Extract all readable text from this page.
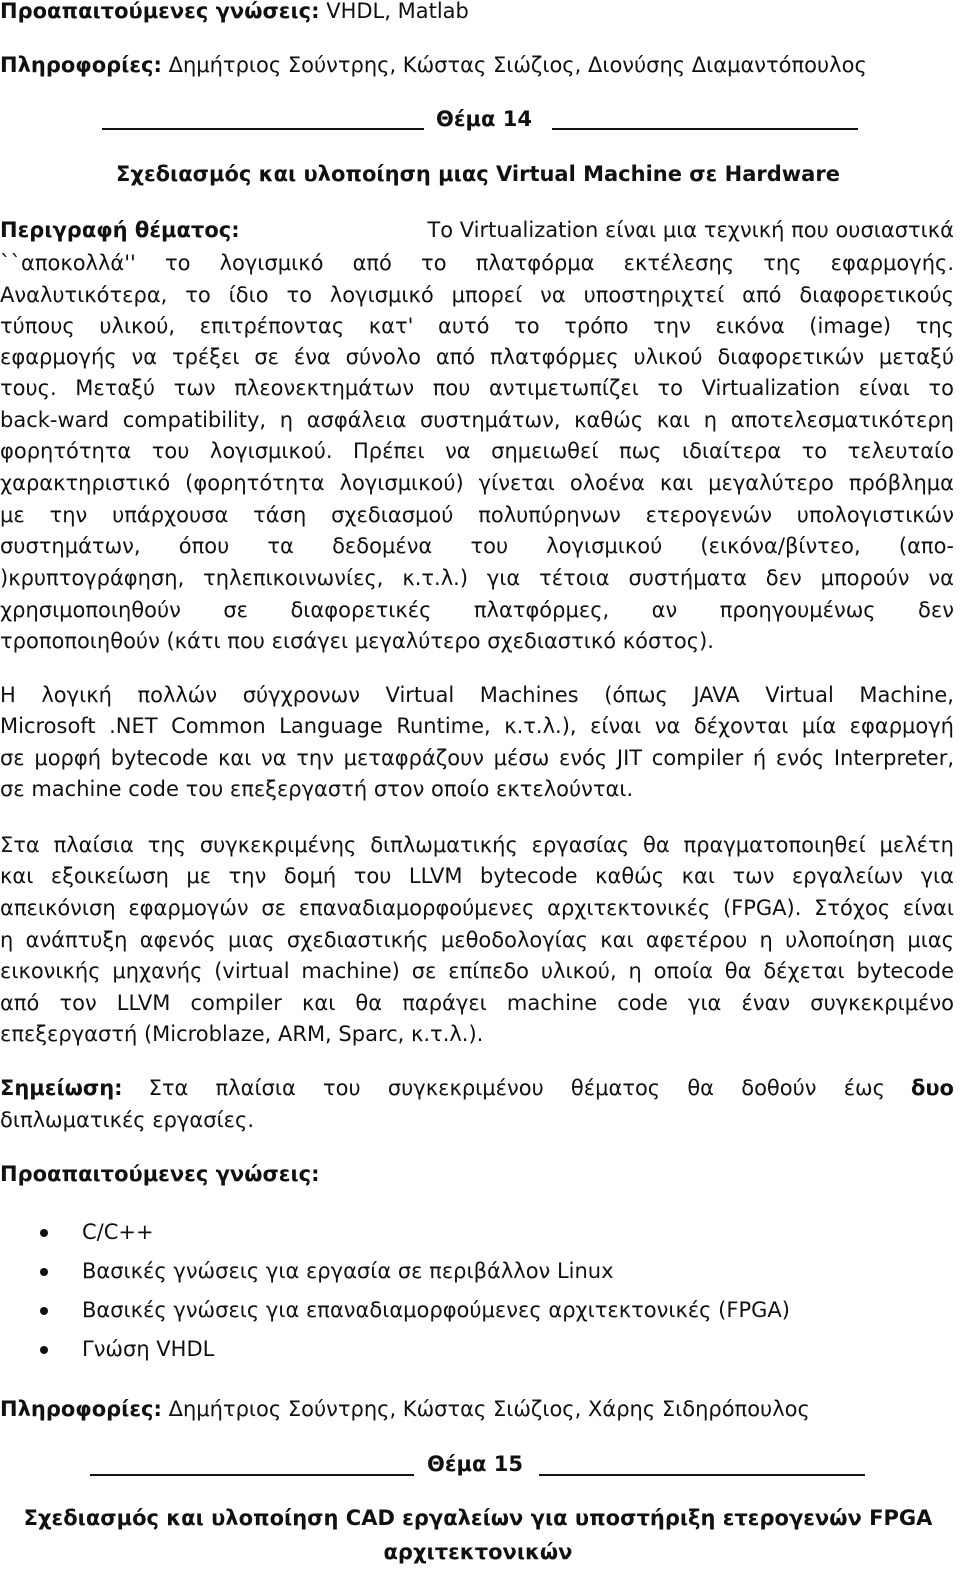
Προαπαιτούμενες γνώσεις: VHDL, Matlab
Πληροφορίες: Δημήτριος Σούντρης, Κώστας Σιώζιος, Διονύσης Διαμαντόπουλος
Θέμα 14
Σχεδιασμός και υλοποίηση μιας Virtual Machine σε Hardware
Περιγραφή θέματος:	Το Virtualization είναι μια τεχνική που ουσιαστικά
``αποκολλά'' το λογισμικό από το πλατφόρμα εκτέλεσης της εφαρμογής.
Αναλυτικότερα, το ίδιο το λογισμικό μπορεί να υποστηριχτεί από διαφορετικούς
τύπους υλικού, επιτρέποντας κατ' αυτό το τρόπο την εικόνα (image) της
εφαρμογής να τρέξει σε ένα σύνολο από πλατφόρμες υλικού διαφορετικών μεταξύ
τους. Μεταξύ των πλεονεκτημάτων που αντιμετωπίζει το Virtualization είναι το
back-ward compatibility, η ασφάλεια συστημάτων, καθώς και η αποτελεσματικότερη
φορητότητα του λογισμικού. Πρέπει να σημειωθεί πως ιδιαίτερα το τελευταίο
χαρακτηριστικό (φορητότητα λογισμικού) γίνεται ολοένα και μεγαλύτερο πρόβλημα
με την υπάρχουσα τάση σχεδιασμού πολυπύρηνων ετερογενών υπολογιστικών
συστημάτων, όπου τα δεδομένα του λογισμικού (εικόνα/βίντεο, (απο-
)κρυπτογράφηση, τηλεπικοινωνίες, κ.τ.λ.) για τέτοια συστήματα δεν μπορούν να
χρησιμοποιηθούν σε διαφορετικές πλατφόρμες, αν προηγουμένως δεν
τροποποιηθούν (κάτι που εισάγει μεγαλύτερο σχεδιαστικό κόστος).
Η λογική πολλών σύγχρονων Virtual Machines (όπως JAVA Virtual Machine,
Microsoft .NET Common Language Runtime, κ.τ.λ.), είναι να δέχονται μία εφαρμογή
σε μορφή bytecode και να την μεταφράζουν μέσω ενός JIT compiler ή ενός Interpreter,
σε machine code του επεξεργαστή στον οποίο εκτελούνται.
Στα πλαίσια της συγκεκριμένης διπλωματικής εργασίας θα πραγματοποιηθεί μελέτη
και εξοικείωση με την δομή του LLVM bytecode καθώς και των εργαλείων για
απεικόνιση εφαρμογών σε επαναδιαμορφούμενες αρχιτεκτονικές (FPGA). Στόχος είναι
η ανάπτυξη αφενός μιας σχεδιαστικής μεθοδολογίας και αφετέρου η υλοποίηση μιας
εικονικής μηχανής (virtual machine) σε επίπεδο υλικού, η οποία θα δέχεται bytecode
από τον LLVM compiler και θα παράγει machine code για έναν συγκεκριμένο
επεξεργαστή (Microblaze, ARM, Sparc, κ.τ.λ.).
Σημείωση: Στα πλαίσια του συγκεκριμένου θέματος θα δοθούν έως δυο
διπλωματικές εργασίες.
Προαπαιτούμενες γνώσεις:
C/C++
Βασικές γνώσεις για εργασία σε περιβάλλον Linux
Βασικές γνώσεις για επαναδιαμορφούμενες αρχιτεκτονικές (FPGA)
Γνώση VHDL
Πληροφορίες: Δημήτριος Σούντρης, Κώστας Σιώζιος, Χάρης Σιδηρόπουλος
Θέμα 15
Σχεδιασμός και υλοποίηση CAD εργαλείων για υποστήριξη ετερογενών FPGA
αρχιτεκτονικών
